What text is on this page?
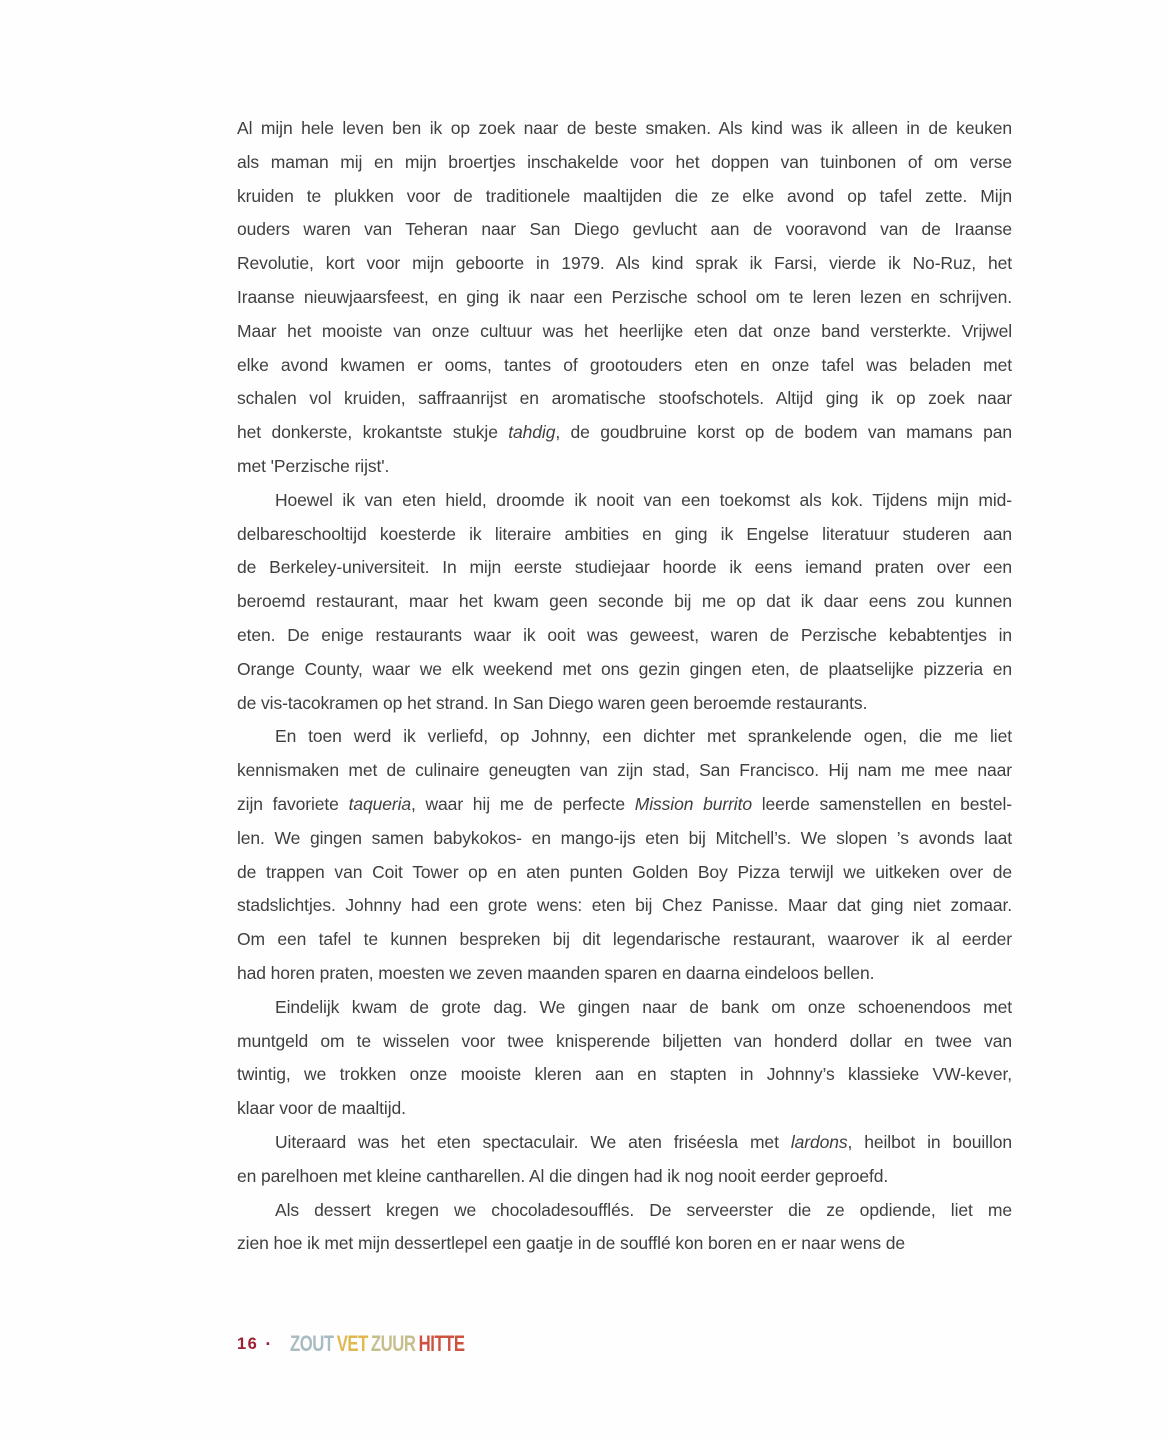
Al mijn hele leven ben ik op zoek naar de beste smaken. Als kind was ik alleen in de keuken
als maman mij en mijn broertjes inschakelde voor het doppen van tuinbonen of om verse
kruiden te plukken voor de traditionele maaltijden die ze elke avond op tafel zette. Mijn
ouders waren van Teheran naar San Diego gevlucht aan de vooravond van de Iraanse
Revolutie, kort voor mijn geboorte in 1979. Als kind sprak ik Farsi, vierde ik No-Ruz, het
Iraanse nieuwjaarsfeest, en ging ik naar een Perzische school om te leren lezen en schrijven.
Maar het mooiste van onze cultuur was het heerlijke eten dat onze band versterkte. Vrijwel
elke avond kwamen er ooms, tantes of grootouders eten en onze tafel was beladen met
schalen vol kruiden, saffraanrijst en aromatische stoofschotels. Altijd ging ik op zoek naar
het donkerste, krokantste stukje tahdig, de goudbruine korst op de bodem van mamans pan
met 'Perzische rijst'.
Hoewel ik van eten hield, droomde ik nooit van een toekomst als kok. Tijdens mijn mid-
delbareschooltijd koesterde ik literaire ambities en ging ik Engelse literatuur studeren aan
de Berkeley-universiteit. In mijn eerste studiejaar hoorde ik eens iemand praten over een
beroemd restaurant, maar het kwam geen seconde bij me op dat ik daar eens zou kunnen
eten. De enige restaurants waar ik ooit was geweest, waren de Perzische kebabtentjes in
Orange County, waar we elk weekend met ons gezin gingen eten, de plaatselijke pizzeria en
de vis-tacokramen op het strand. In San Diego waren geen beroemde restaurants.
En toen werd ik verliefd, op Johnny, een dichter met sprankelende ogen, die me liet
kennismaken met de culinaire geneugten van zijn stad, San Francisco. Hij nam me mee naar
zijn favoriete taqueria, waar hij me de perfecte Mission burrito leerde samenstellen en bestel-
len. We gingen samen babykokos- en mango-ijs eten bij Mitchell’s. We slopen ’s avonds laat
de trappen van Coit Tower op en aten punten Golden Boy Pizza terwijl we uitkeken over de
stadslichtjes. Johnny had een grote wens: eten bij Chez Panisse. Maar dat ging niet zomaar.
Om een tafel te kunnen bespreken bij dit legendarische restaurant, waarover ik al eerder
had horen praten, moesten we zeven maanden sparen en daarna eindeloos bellen.
Eindelijk kwam de grote dag. We gingen naar de bank om onze schoenendoos met
muntgeld om te wisselen voor twee knisperende biljetten van honderd dollar en twee van
twintig, we trokken onze mooiste kleren aan en stapten in Johnny’s klassieke VW-kever,
klaar voor de maaltijd.
Uiteraard was het eten spectaculair. We aten friséesla met lardons, heilbot in bouillon
en parelhoen met kleine cantharellen. Al die dingen had ik nog nooit eerder geproefd.
Als dessert kregen we chocoladesoufflés. De serveerster die ze opdiende, liet me
zien hoe ik met mijn dessertlepel een gaatje in de soufflé kon boren en er naar wens de
16 · ZOUT VET ZUUR HITTE
